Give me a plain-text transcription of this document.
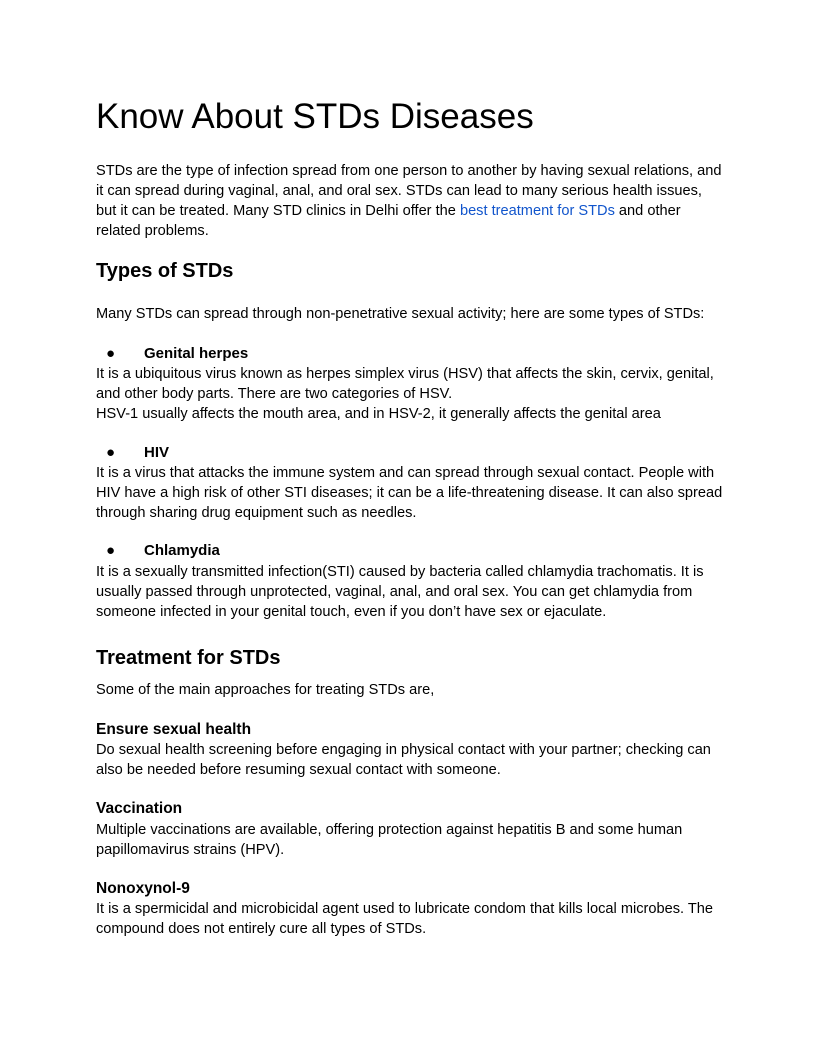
Know About STDs Diseases

STDs are the type of infection spread from one person to another by having sexual relations, and it can spread during vaginal, anal, and oral sex. STDs can lead to many serious health issues, but it can be treated. Many STD clinics in Delhi offer the best treatment for STDs and other related problems.

Types of STDs

Many STDs can spread through non-penetrative sexual activity; here are some types of STDs:

● Genital herpes

It is a ubiquitous virus known as herpes simplex virus (HSV) that affects the skin, cervix, genital, and other body parts. There are two categories of HSV.

HSV-1 usually affects the mouth area, and in HSV-2, it generally affects the genital area

● HIV

It is a virus that attacks the immune system and can spread through sexual contact. People with HIV have a high risk of other STI diseases; it can be a life-threatening disease. It can also spread through sharing drug equipment such as needles.

● Chlamydia

It is a sexually transmitted infection(STI) caused by bacteria called chlamydia trachomatis. It is usually passed through unprotected, vaginal, anal, and oral sex. You can get chlamydia from someone infected in your genital touch, even if you don’t have sex or ejaculate.

Treatment for STDs

Some of the main approaches for treating STDs are,

Ensure sexual health

Do sexual health screening before engaging in physical contact with your partner; checking can also be needed before resuming sexual contact with someone.

Vaccination

Multiple vaccinations are available, offering protection against hepatitis B and some human papillomavirus strains (HPV).

Nonoxynol-9

It is a spermicidal and microbicidal agent used to lubricate condom that kills local microbes. The compound does not entirely cure all types of STDs.
